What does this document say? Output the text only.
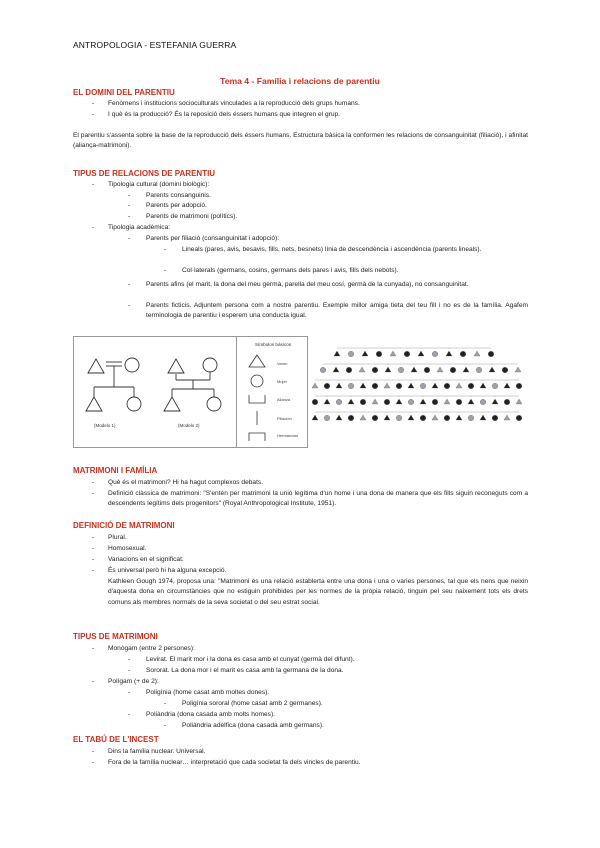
ANTROPOLOGIA - ESTEFANIA GUERRA
Tema 4 - Família i relacions de parentiu
EL DOMINI DEL PARENTIU
- Fenòmens i institucions socioculturals vinculades a la reproducció dels grups humans.
- I què és la producció? És la reposició dels éssers humans que integren el grup.
El parentiu s'assenta sobre la base de la reproducció dels éssers humans. Estructura bàsica la conformen les relacions de consanguinitat (filiació), i afinitat (aliança-matrimoni).
TIPUS DE RELACIONS DE PARENTIU
- Tipologia cultural (domini biològic):
- Parents consanguinis.
- Parents per adopció.
- Parents de matrimoni (polítics).
- Tipologia acadèmica:
- Parents per filiació (consanguinitat i adopció):
- Lineals (pares, avis, besavis, fills, nets, besnets) línia de descendència i ascendència (parents lineals).
- Col·laterals (germans, cosins, germans dels pares i avis, fills dels nebots).
- Parents afins (el marit, la dona del meu germà, parella del meu cosí, germà de la cunyada), no consanguinitat.
- Parents ficticis. Adjuntem persona com a nostre parentiu. Exemple millor amiga tieta del teu fill i no es de la família. Agafem terminologia de parentiu i esperem una conducta igual.
(Modelo 1)	(Modelo 2)
Símbolos básicos
Varón
Mujer
Alianza
Filiación
Hermandad
MATRIMONI I FAMÍLIA
- Què és el matrimoni? Hi ha hagut complexos debats.
- Definició clàssica de matrimoni: "S'entén per matrimoni la unió legítima d'un home i una dona de manera que els fills siguin reconeguts com a descendents legítims dels progenitors" (Royal Anthropological Institute, 1951).
DEFINICIÓ DE MATRIMONI
- Plural.
- Homosexual.
- Variacions en el significat.
- És universal però hi ha alguna excepció.
Kathleen Gough 1974, proposa una: "Matrimoni és una relació establerta entre una dona i una o varies persones, tal que els nens que neixin d'aquesta dona en circumstàncies que no estiguin prohibides per les normes de la pròpia relació, tinguin pel seu naixement tots els drets comuns als membres normals de la seva societat o del seu estrat social.
TIPUS DE MATRIMONI
- Monògam (entre 2 persones):
- Levirat. El marit mor i la dona es casa amb el cunyat (germà del difunt).
- Sororat. La dona mor i el marit es casa amb la germana de la dona.
- Polígam (+ de 2):
- Poligínia (home casat amb moltes dones).
- Poligínia sororal (home casat amb 2 germanes).
- Poliàndria (dona casada amb molts homes).
- Poliàndria adèlfica (dona casada amb germans).
EL TABÚ DE L'INCEST
- Dins la família nuclear. Universal.
- Fora de la família nuclear… interpretació que cada societat fa dels vincles de parentiu.
